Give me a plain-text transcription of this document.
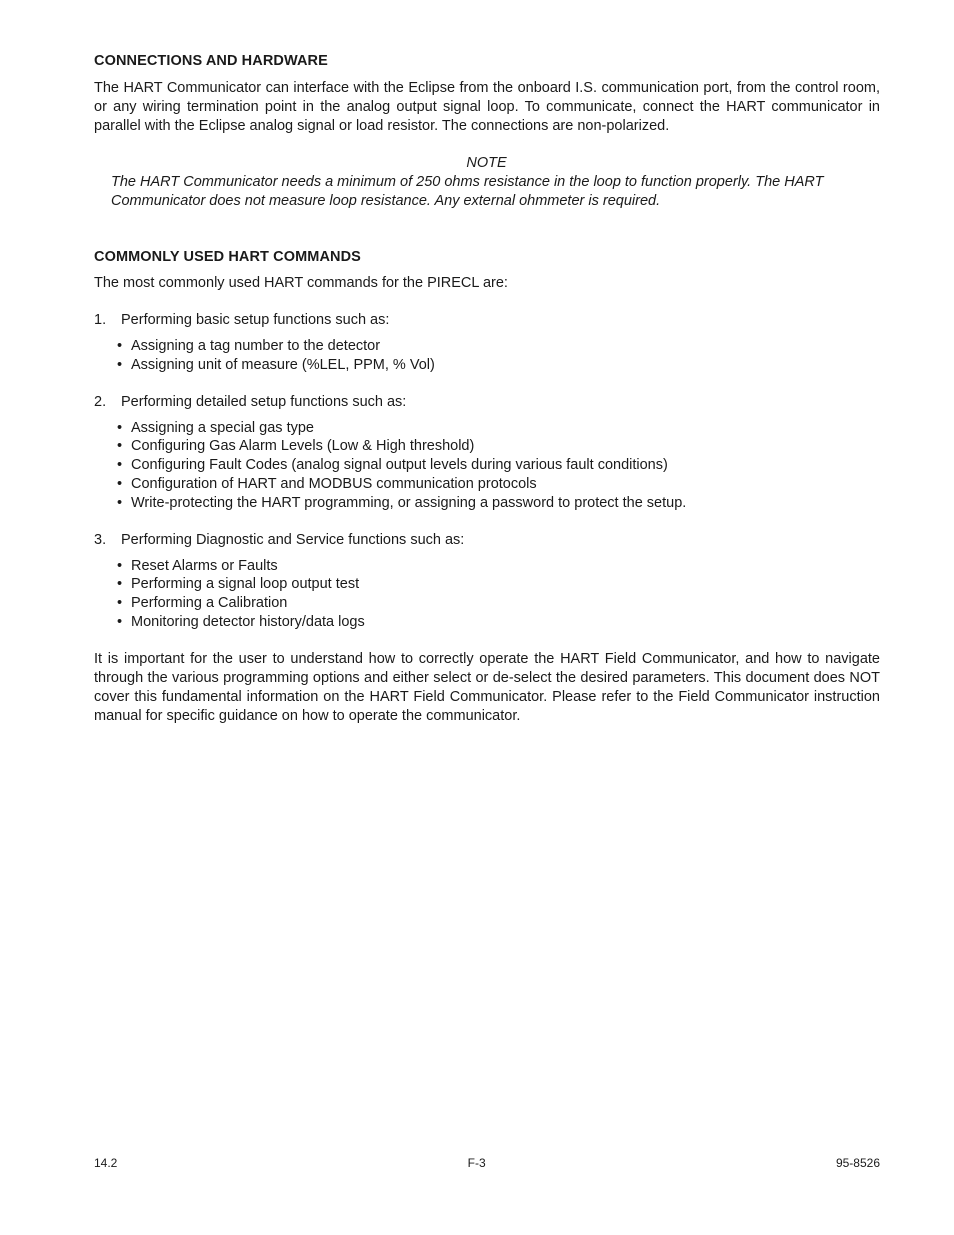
CONNECTIONS AND HARDWARE

The HART Communicator can interface with the Eclipse from the onboard I.S. communication port, from the control room, or any wiring termination point in the analog output signal loop. To communicate, connect the HART communicator in parallel with the Eclipse analog signal or load resistor. The connections are non-polarized.

NOTE
The HART Communicator needs a minimum of 250 ohms resistance in the loop to function properly. The HART Communicator does not measure loop resistance. Any external ohmmeter is required.
COMMONLY USED HART COMMANDS

The most commonly used HART commands for the PIRECL are:

1.	Performing basic setup functions such as:
• Assigning a tag number to the detector
• Assigning unit of measure (%LEL, PPM, % Vol)
2.	Performing detailed setup functions such as:
• Assigning a special gas type
• Configuring Gas Alarm Levels (Low & High threshold)
• Configuring Fault Codes (analog signal output levels during various fault conditions)
• Configuration of HART and MODBUS communication protocols
• Write-protecting the HART programming, or assigning a password to protect the setup.
3.	Performing Diagnostic and Service functions such as:
• Reset Alarms or Faults
• Performing a signal loop output test
• Performing a Calibration
• Monitoring detector history/data logs

It is important for the user to understand how to correctly operate the HART Field Communicator, and how to navigate through the various programming options and either select or de-select the desired parameters. This document does NOT cover this fundamental information on the HART Field Communicator. Please refer to the Field Communicator instruction manual for specific guidance on how to operate the communicator.

14.2	F-3	95-8526
